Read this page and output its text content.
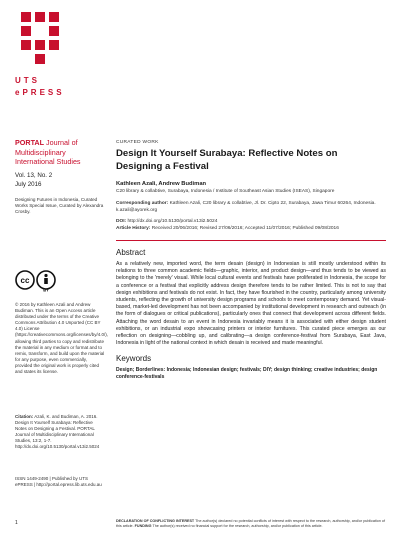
UTS
ePRESS
PORTAL Journal of Multidisciplinary International Studies
Vol. 13, No. 2
July 2016
Designing Futures in Indonesia, Curated Works Special Issue, Curated by Alexandra Crosby.
cc
BY
© 2016 by Kathleen Azali and Andrew Budiman. This is an Open Access article distributed under the terms of the Creative Commons Attribution 4.0 Unported (CC BY 4.0) License (https://creativecommons.org/licenses/by/4.0/), allowing third parties to copy and redistribute the material in any medium or format and to remix, transform, and build upon the material for any purpose, even commercially, provided the original work is properly cited and states its license.
Citation: Azali, K. and Budiman, A. 2016. Design It Yourself Surabaya: Reflective Notes on Designing a Festival. PORTAL Journal of Multidisciplinary International Studies, 13:2, 1-7. http://dx.doi.org/10.5130/portal.v13i2.5024
ISSN 1449-2490 | Published by UTS ePRESS | http://portal.epress.lib.uts.edu.au
CURATED WORK
Design It Yourself Surabaya: Reflective Notes on Designing a Festival
Kathleen Azali, Andrew Budiman
C20 library & collabtive, Surabaya, Indonesia / Institute of Southeast Asian Studies (ISEAS), Singapore
Corresponding author: Kathleen Azali, C20 library & collabtive, Jl. Dr. Cipto 22, Surabaya, Jawa Timur 60264, Indonesia. k.azali@ayorek.org
DOI: http://dx.doi.org/10.5130/portal.v13i2.5024
Article History: Received 20/06/2016; Revised 27/06/2016; Accepted 11/07/2016; Published 09/08/2016
Abstract
As a relatively new, imported word, the term desain (design) in Indonesian is still mostly understood within its relations to three common academic fields—graphic, interior, and product design—and thus tends to be viewed as belonging to the 'merely' visual. While local cultural events and festivals have proliferated in Indonesia, the scope for a conference or a festival that explicitly address design therefore tends to be rather limited. This is not to say that design exhibitions and festivals do not exist. In fact, they have flourished in the country, particularly among university students, reflecting the growth of university design programs and schools to meet contemporary demand. Yet visual-based, market-led development has not been accompanied by institutional development in research and outreach (in the form of dialogues or critical publications), particularly ones that connect that development across different fields. Attaching the word desain to an event in Indonesia invariably means it is associated with either design student exhibitions, or an industrial expo showcasing printers or interior furnitures. This curated piece emerges as our reflection on designing—cobbling up, and calibrating—a design conference-festival from Surabaya, East Java, Indonesia in light of the national context in which desain is received and made meaningful.
Keywords
Design; Borderlines: Indonesia; Indonesian design; festivals; DIY; design thinking; creative industries; design conference-festivals
1	DECLARATION OF CONFLICTING INTEREST The author(s) declared no potential conflicts of interest with respect to the research, authorship, and/or publication of this article. FUNDING The author(s) received no financial support for the research, authorship, and/or publication of this article.
